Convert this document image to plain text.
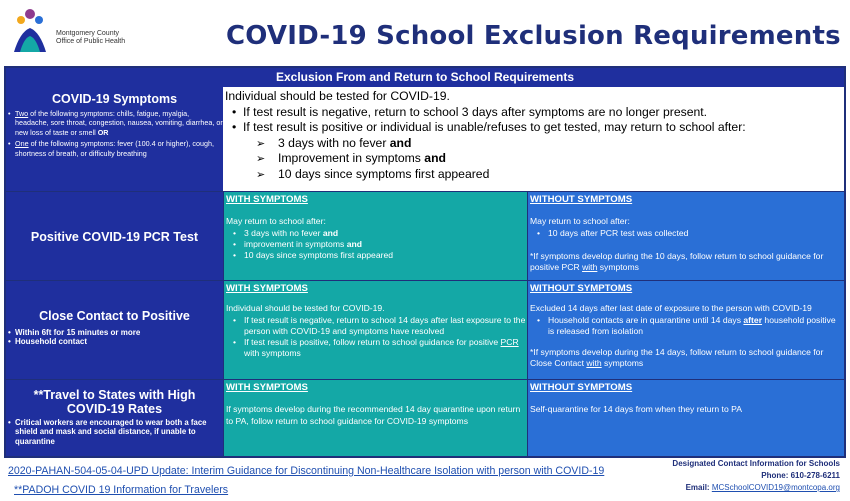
Montgomery County
Office of Public Health	COVID-19 School Exclusion Requirements
Exclusion From and Return to School Requirements
COVID-19 Symptoms
• Two of the following symptoms: chills, fatigue, myalgia, headache, sore throat, congestion, nausea, vomiting, diarrhea, or new loss of taste or smell OR
• One of the following symptoms: fever (100.4 or higher), cough, shortness of breath, or difficulty breathing
Individual should be tested for COVID-19.
• If test result is negative, return to school 3 days after symptoms are no longer present.
• If test result is positive or individual is unable/refuses to get tested, may return to school after:
➢ 3 days with no fever and
➢ Improvement in symptoms and
➢ 10 days since symptoms first appeared
Positive COVID-19 PCR Test
WITH SYMPTOMS
May return to school after:
• 3 days with no fever and
• improvement in symptoms and
• 10 days since symptoms first appeared
WITHOUT SYMPTOMS
May return to school after:
• 10 days after PCR test was collected
*If symptoms develop during the 10 days, follow return to school guidance for positive PCR with symptoms
Close Contact to Positive
• Within 6ft for 15 minutes or more
• Household contact
WITH SYMPTOMS
Individual should be tested for COVID-19.
• If test result is negative, return to school 14 days after last exposure to the person with COVID-19 and symptoms have resolved
• If test result is positive, follow return to school guidance for positive PCR with symptoms
WITHOUT SYMPTOMS
Excluded 14 days after last date of exposure to the person with COVID-19
• Household contacts are in quarantine until 14 days after household positive is released from isolation
*If symptoms develop during the 14 days, follow return to school guidance for Close Contact with symptoms
**Travel to States with High COVID-19 Rates
• Critical workers are encouraged to wear both a face shield and mask and social distance, if unable to quarantine
WITH SYMPTOMS
If symptoms develop during the recommended 14 day quarantine upon return to PA, follow return to school guidance for COVID-19 symptoms
WITHOUT SYMPTOMS
Self-quarantine for 14 days from when they return to PA
2020-PAHAN-504-05-04-UPD Update: Interim Guidance for Discontinuing Non-Healthcare Isolation with person with COVID-19
**PADOH COVID 19 Information for Travelers
Designated Contact Information for Schools
Phone: 610-278-6211
Email: MCSchoolCOVID19@montcopa.org
